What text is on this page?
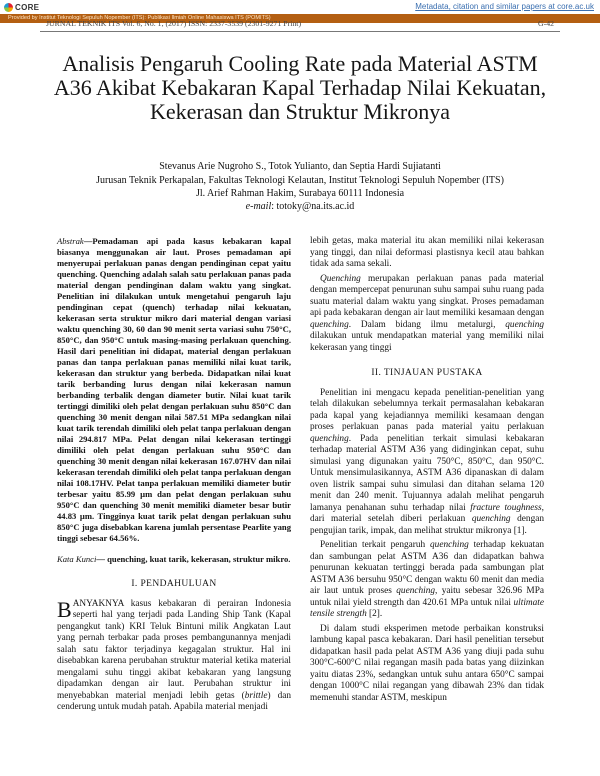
CORE	Metadata, citation and similar papers at core.ac.uk
Provided by Institut Teknologi Sepuluh Nopember (ITS): Publikasi Ilmiah Online Mahasiswa ITS (POMITS)
JURNAL TEKNIK ITS Vol. 6, No. 1, (2017) ISSN: 2337-3539 (2301-9271 Print)	G-42
Analisis Pengaruh Cooling Rate pada Material ASTM A36 Akibat Kebakaran Kapal Terhadap Nilai Kekuatan, Kekerasan dan Struktur Mikronya
Stevanus Arie Nugroho S., Totok Yulianto, dan Septia Hardi Sujiatanti
Jurusan Teknik Perkapalan, Fakultas Teknologi Kelautan, Institut Teknologi Sepuluh Nopember (ITS)
Jl. Arief Rahman Hakim, Surabaya 60111 Indonesia
e-mail: totoky@na.its.ac.id

Abstrak—Pemadaman api pada kasus kebakaran kapal biasanya menggunakan air laut. Proses pemadaman api menyerupai perlakuan panas dengan pendinginan cepat yaitu quenching. Quenching adalah salah satu perlakuan panas pada material dengan pendinginan dalam waktu yang singkat. Penelitian ini dilakukan untuk mengetahui pengaruh laju pendinginan cepat (quench) terhadap nilai kekuatan, kekerasan serta struktur mikro dari material dengan variasi waktu quenching 30, 60 dan 90 menit serta variasi suhu 750°C, 850°C, dan 950°C untuk masing-masing perlakuan quenching. Hasil dari penelitian ini didapat, material dengan perlakuan panas dan tanpa perlakuan panas memiliki nilai kuat tarik, kekerasan dan struktur yang berbeda. Didapatkan nilai kuat tarik berbanding lurus dengan nilai kekerasan namun berbanding terbalik dengan diameter butir. Nilai kuat tarik tertinggi dimiliki oleh pelat dengan perlakuan suhu 850°C dan quenching 30 menit dengan nilai 587.51 MPa sedangkan nilai kuat tarik terendah dimiliki oleh pelat tanpa perlakuan dengan nilai 294.817 MPa. Pelat dengan nilai kekerasan tertinggi dimiliki oleh pelat dengan perlakuan suhu 950°C dan quenching 30 menit dengan nilai kekerasan 167.07HV dan nilai kekerasan terendah dimiliki oleh pelat tanpa perlakuan dengan nilai 108.17HV. Pelat tanpa perlakuan memiliki diameter butir terbesar yaitu 85.99 µm dan pelat dengan perlakuan suhu 950°C dan quenching 30 menit memiliki diameter besar butir 44.83 µm. Tingginya kuat tarik pelat dengan perlakuan suhu 850°C juga disebabkan karena jumlah persentase Pearlite yang tinggi sebesar 64.56%.

Kata Kunci— quenching, kuat tarik, kekerasan, struktur mikro.

I. PENDAHULUAN

BANYAKNYA kasus kebakaran di perairan Indonesia seperti hal yang terjadi pada Landing Ship Tank (Kapal pengangkut tank) KRI Teluk Bintuni milik Angkatan Laut yang pernah terbakar pada proses pembangunannya menjadi salah satu faktor terjadinya kegagalan struktur. Hal ini disebabkan karena perubahan struktur material ketika material mengalami suhu tinggi akibat kebakaran yang langsung dipadamkan dengan air laut. Perubahan struktur ini menyebabkan material menjadi lebih getas (brittle) dan cenderung untuk mudah patah. Apabila material menjadi

lebih getas, maka material itu akan memiliki nilai kekerasan yang tinggi, dan nilai deformasi plastisnya kecil atau bahkan tidak ada sama sekali.

Quenching merupakan perlakuan panas pada material dengan mempercepat penurunan suhu sampai suhu ruang pada suatu material dalam waktu yang singkat. Proses pemadaman api pada kebakaran dengan air laut memiliki kesamaan dengan quenching. Dalam bidang ilmu metalurgi, quenching dilakukan untuk mendapatkan material yang memiliki nilai kekerasan yang tinggi

II. TINJAUAN PUSTAKA

Penelitian ini mengacu kepada penelitian-penelitian yang telah dilakukan sebelumnya terkait permasalahan kebakaran pada kapal yang kejadiannya memiliki kesamaan dengan proses perlakuan panas pada material yaitu perlakuan quenching. Pada penelitian terkait simulasi kebakaran terhadap material ASTM A36 yang didinginkan cepat, suhu simulasi yang digunakan yaitu 750°C, 850°C, dan 950°C. Untuk mensimulasikannya, ASTM A36 dipanaskan di dalam oven listrik sampai suhu simulasi dan ditahan selama 120 menit dan 240 menit. Tujuannya adalah melihat pengaruh lamanya penahanan suhu terhadap nilai fracture toughness, dari material setelah diberi perlakuan quenching dengan pengujian tarik, impak, dan melihat struktur mikronya [1].

Penelitian terkait pengaruh quenching terhadap kekuatan dan sambungan pelat ASTM A36 dan didapatkan bahwa penurunan kekuatan tertinggi berada pada sambungan plat ASTM A36 bersuhu 950°C dengan waktu 60 menit dan media air laut untuk proses quenching, yaitu sebesar 326.96 MPa untuk nilai yield strength dan 420.61 MPa untuk nilai ultimate tensile strength [2].

Di dalam studi eksperimen metode perbaikan konstruksi lambung kapal pasca kebakaran. Dari hasil penelitian tersebut didapatkan hasil pada pelat ASTM A36 yang diuji pada suhu 300°C-600°C nilai regangan masih pada batas yang diizinkan yaitu diatas 23%, sedangkan untuk suhu antara 650°C sampai dengan 1000°C nilai regangan yang dibawah 23% dan tidak memenuhi standar ASTM, meskipun
